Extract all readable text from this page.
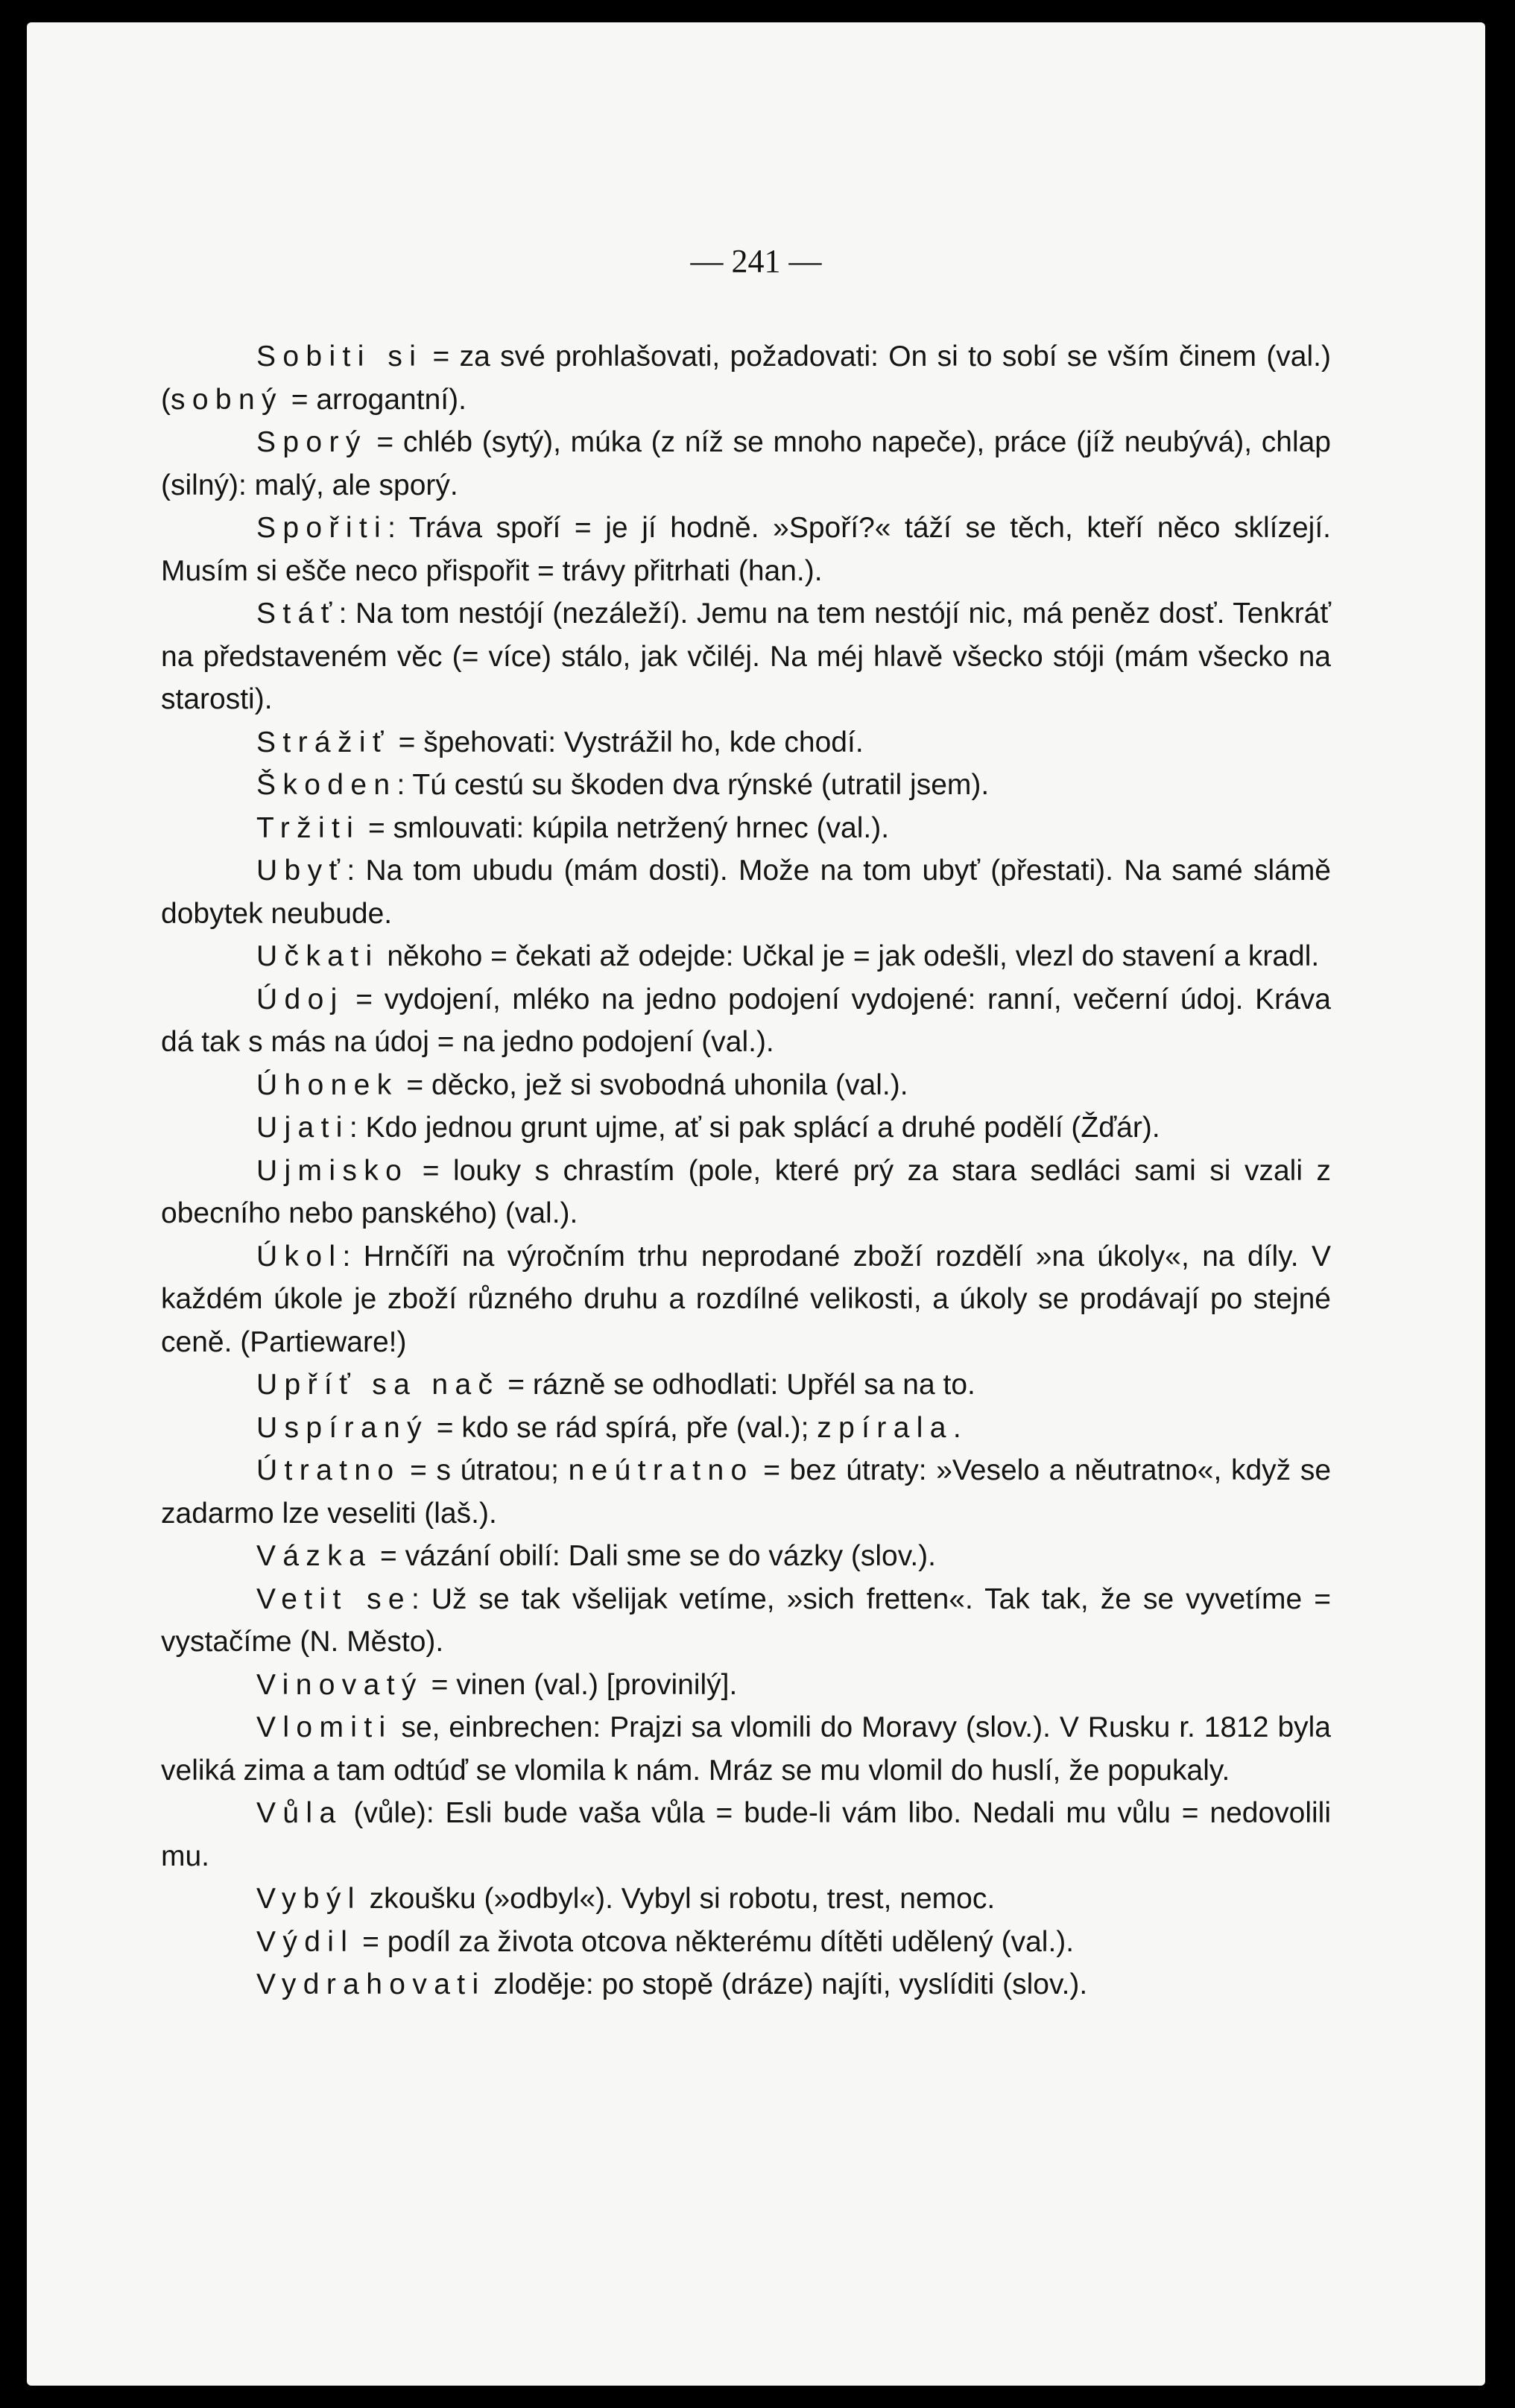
— 241 —

Sobiti si = za své prohlašovati, požadovati: On si to sobí se vším činem (val.) (sobný = arrogantní).

Sporý = chléb (sytý), múka (z níž se mnoho napeče), práce (jíž neubývá), chlap (silný): malý, ale sporý.

Spořiti: Tráva spoří = je jí hodně. »Spoří?« táží se těch, kteří něco sklízejí. Musím si ešče neco přispořit = trávy přitrhati (han.).

Stáť: Na tom nestójí (nezáleží). Jemu na tem nestójí nic, má peněz dosť. Tenkráť na představeném věc (= více) stálo, jak včiléj. Na méj hlavě všecko stóji (mám všecko na starosti).

Strážiť = špehovati: Vystrážil ho, kde chodí.

Škoden: Tú cestú su škoden dva rýnské (utratil jsem).

Tržiti = smlouvati: kúpila netržený hrnec (val.).

Ubyť: Na tom ubudu (mám dosti). Može na tom ubyť (přestati). Na samé slámě dobytek neubude.

Učkati někoho = čekati až odejde: Učkal je = jak odešli, vlezl do stavení a kradl.

Údoj = vydojení, mléko na jedno podojení vydojené: ranní, večerní údoj. Kráva dá tak s más na údoj = na jedno podojení (val.).

Úhonek = děcko, jež si svobodná uhonila (val.).

Ujati: Kdo jednou grunt ujme, ať si pak splácí a druhé podělí (Žďár).

Ujmisko = louky s chrastím (pole, které prý za stara sedláci sami si vzali z obecního nebo panského) (val.).

Úkol: Hrnčíři na výročním trhu neprodané zboží rozdělí »na úkoly«, na díly. V každém úkole je zboží různého druhu a rozdílné velikosti, a úkoly se prodávají po stejné ceně. (Partieware!)

Upříť sa nač = rázně se odhodlati: Upřél sa na to.

Uspíraný = kdo se rád spírá, pře (val.); zpírala.

Útratno = s útratou; neútratno = bez útraty: »Veselo a něutratno«, když se zadarmo lze veseliti (laš.).

Vázka = vázání obilí: Dali sme se do vázky (slov.).

Vetit se: Už se tak všelijak vetíme, »sich fretten«. Tak tak, že se vyvetíme = vystačíme (N. Město).

Vinovatý = vinen (val.) [provinilý].

Vlomiti se, einbrechen: Prajzi sa vlomili do Moravy (slov.). V Rusku r. 1812 byla veliká zima a tam odtúď se vlomila k nám. Mráz se mu vlomil do huslí, že popukaly.

Vůla (vůle): Esli bude vaša vůla = bude-li vám libo. Nedali mu vůlu = nedovolili mu.

Vybýl zkoušku (»odbyl«). Vybyl si robotu, trest, nemoc.

Výdil = podíl za života otcova některému dítěti udělený (val.).

Vydrahovati zloděje: po stopě (dráze) najíti, vyslíditi (slov.).
